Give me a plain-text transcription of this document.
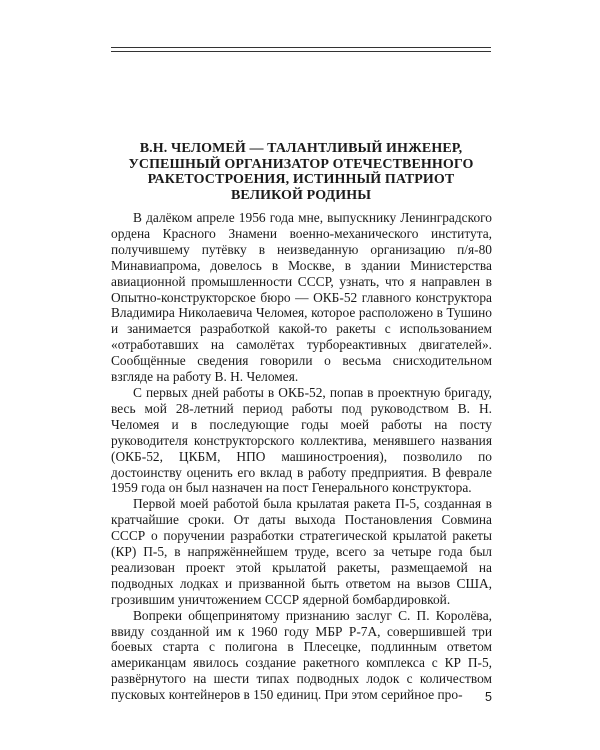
В.Н. ЧЕЛОМЕЙ — ТАЛАНТЛИВЫЙ ИНЖЕНЕР,
УСПЕШНЫЙ ОРГАНИЗАТОР ОТЕЧЕСТВЕННОГО
РАКЕТОСТРОЕНИЯ, ИСТИННЫЙ ПАТРИОТ
ВЕЛИКОЙ РОДИНЫ

В далёком апреле 1956 года мне, выпускнику Ленинградского ордена Красного Знамени военно-механического института, получившему путёвку в неизведанную организацию п/я-80 Минавиапрома, довелось в Москве, в здании Министерства авиационной промышленности СССР, узнать, что я направлен в Опытно-конструкторское бюро — ОКБ-52 главного конструктора Владимира Николаевича Челомея, которое расположено в Тушино и занимается разработкой какой-то ракеты с использованием «отработавших на самолётах турбореактивных двигателей». Сообщённые сведения говорили о весьма снисходительном взгляде на работу В. Н. Челомея.

С первых дней работы в ОКБ-52, попав в проектную бригаду, весь мой 28-летний период работы под руководством В. Н. Челомея и в последующие годы моей работы на посту руководителя конструкторского коллектива, менявшего названия (ОКБ-52, ЦКБМ, НПО машиностроения), позволило по достоинству оценить его вклад в работу предприятия. В феврале 1959 года он был назначен на пост Генерального конструктора.

Первой моей работой была крылатая ракета П-5, созданная в кратчайшие сроки. От даты выхода Постановления Совмина СССР о поручении разработки стратегической крылатой ракеты (КР) П-5, в напряжённейшем труде, всего за четыре года был реализован проект этой крылатой ракеты, размещаемой на подводных лодках и призванной быть ответом на вызов США, грозившим уничтожением СССР ядерной бомбардировкой.

Вопреки общепринятому признанию заслуг С. П. Королёва, ввиду созданной им к 1960 году МБР Р-7А, совершившей три боевых старта с полигона в Плесецке, подлинным ответом американцам явилось создание ракетного комплекса с КР П-5, развёрнутого на шести типах подводных лодок с количеством пусковых контейнеров в 150 единиц. При этом серийное про-	5
